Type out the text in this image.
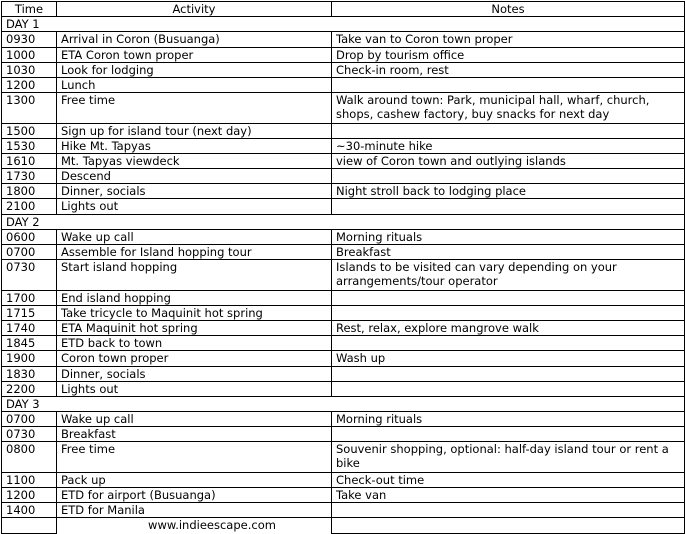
Time	Activity	Notes
DAY 1		
0930	Arrival in Coron (Busuanga)	Take van to Coron town proper
1000	ETA Coron town proper	Drop by tourism office
1030	Look for lodging	Check-in room, rest
1200	Lunch	
1300	Free time	Walk around town: Park, municipal hall, wharf, church, shops, cashew factory, buy snacks for next day
1500	Sign up for island tour (next day)	
1530	Hike Mt. Tapyas	~30-minute hike
1610	Mt. Tapyas viewdeck	view of Coron town and outlying islands
1730	Descend	
1800	Dinner, socials	Night stroll back to lodging place
2100	Lights out	
DAY 2		
0600	Wake up call	Morning rituals
0700	Assemble for Island hopping tour	Breakfast
0730	Start island hopping	Islands to be visited can vary depending on your arrangements/tour operator
1700	End island hopping	
1715	Take tricycle to Maquinit hot spring	
1740	ETA Maquinit hot spring	Rest, relax, explore mangrove walk
1845	ETD back to town	
1900	Coron town proper	Wash up
1830	Dinner, socials	
2200	Lights out	
DAY 3		
0700	Wake up call	Morning rituals
0730	Breakfast	
0800	Free time	Souvenir shopping, optional: half-day island tour or rent a bike
1100	Pack up	Check-out time
1200	ETD for airport (Busuanga)	Take van
1400	ETD for Manila	
	www.indieescape.com	
